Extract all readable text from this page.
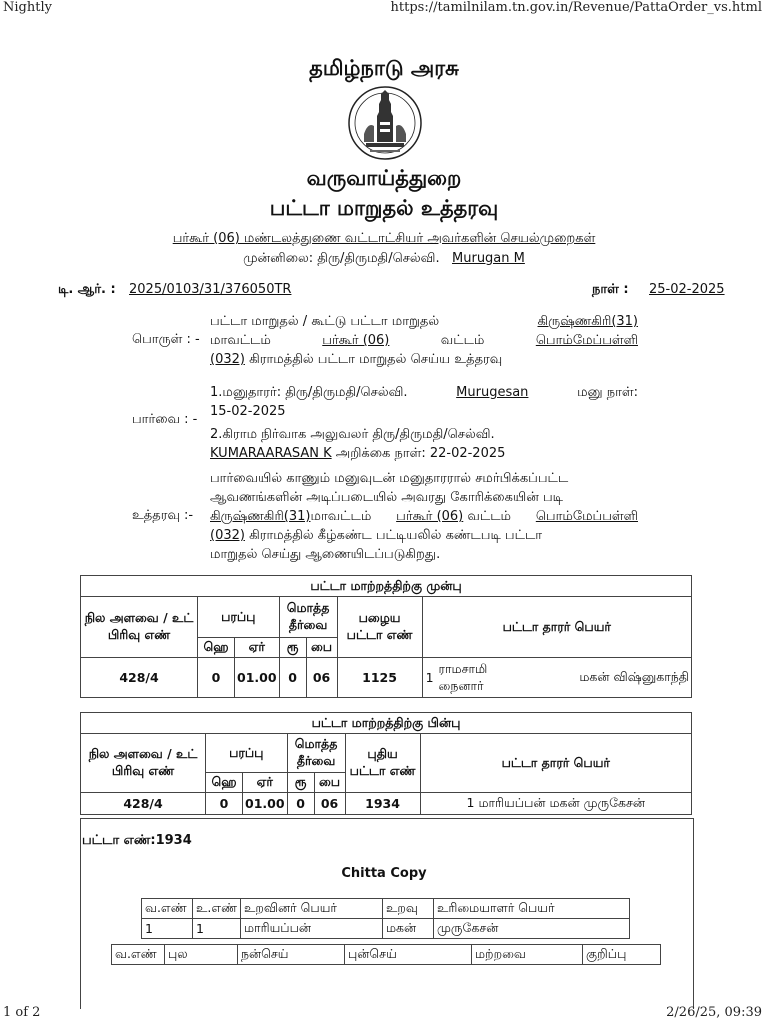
Nightly	https://tamilnilam.tn.gov.in/Revenue/PattaOrder_vs.html
தமிழ்நாடு அரசு
வருவாய்த்துறை
பட்டா மாறுதல் உத்தரவு
பர்கூர் (06) மண்டலத்துணை வட்டாட்சியர் அவர்களின் செயல்முறைகள்
முன்னிலை: திரு/திருமதி/செல்வி. Murugan M
டி. ஆர். : 2025/0103/31/376050TR	நாள் : 25-02-2025
பொருள் : -
பட்டா மாறுதல் / கூட்டு பட்டா மாறுதல்	கிருஷ்ணகிரி(31)
மாவட்டம்	பர்கூர் (06)	வட்டம்	பொம்மேப்பள்ளி
(032) கிராமத்தில் பட்டா மாறுதல் செய்ய உத்தரவு
பார்வை : -
1.மனுதாரர்: திரு/திருமதி/செல்வி.	Murugesan	மனு நாள்:
15-02-2025
2.கிராம நிர்வாக அலுவலர் திரு/திருமதி/செல்வி.
KUMARAARASAN K அறிக்கை நாள்: 22-02-2025
உத்தரவு :-
பார்வையில் காணும் மனுவுடன் மனுதாரரால் சமர்பிக்கப்பட்ட
ஆவணங்களின் அடிப்படையில் அவரது கோரிக்கையின் படி
கிருஷ்ணகிரி(31)மாவட்டம் பர்கூர் (06) வட்டம் பொம்மேப்பள்ளி
(032) கிராமத்தில் கீழ்கண்ட பட்டியலில் கண்டபடி பட்டா
மாறுதல் செய்து ஆணையிடப்படுகிறது.
பட்டா மாற்றத்திற்கு முன்பு								
நில அளவை / உட் பிரிவு எண்	பரப்பு		மொத்த தீர்வை		பழைய பட்டா எண்	பட்டா தாரர் பெயர்		
	ஹெ	ஏர்	ரூ	பை				
428/4	0	01.00	0	06	1125	1	ராமசாமி நைனார்	மகன் விஷ்னுகாந்தி
பட்டா மாற்றத்திற்கு பின்பு						
நில அளவை / உட் பிரிவு எண்	பரப்பு		மொத்த தீர்வை		புதிய பட்டா எண்	பட்டா தாரர் பெயர்
	ஹெ	ஏர்	ரூ	பை		
428/4	0	01.00	0	06	1934	1 மாரியப்பன் மகன் முருகேசன்
பட்டா எண்:1934
Chitta Copy
வ.எண்	உ.எண்	உறவினர் பெயர்	உறவு	உரிமையாளர் பெயர்
1	1	மாரியப்பன்	மகன்	முருகேசன்
வ.எண்	புல	நன்செய்	புன்செய்	மற்றவை	குறிப்பு
1 of 2	2/26/25, 09:39
